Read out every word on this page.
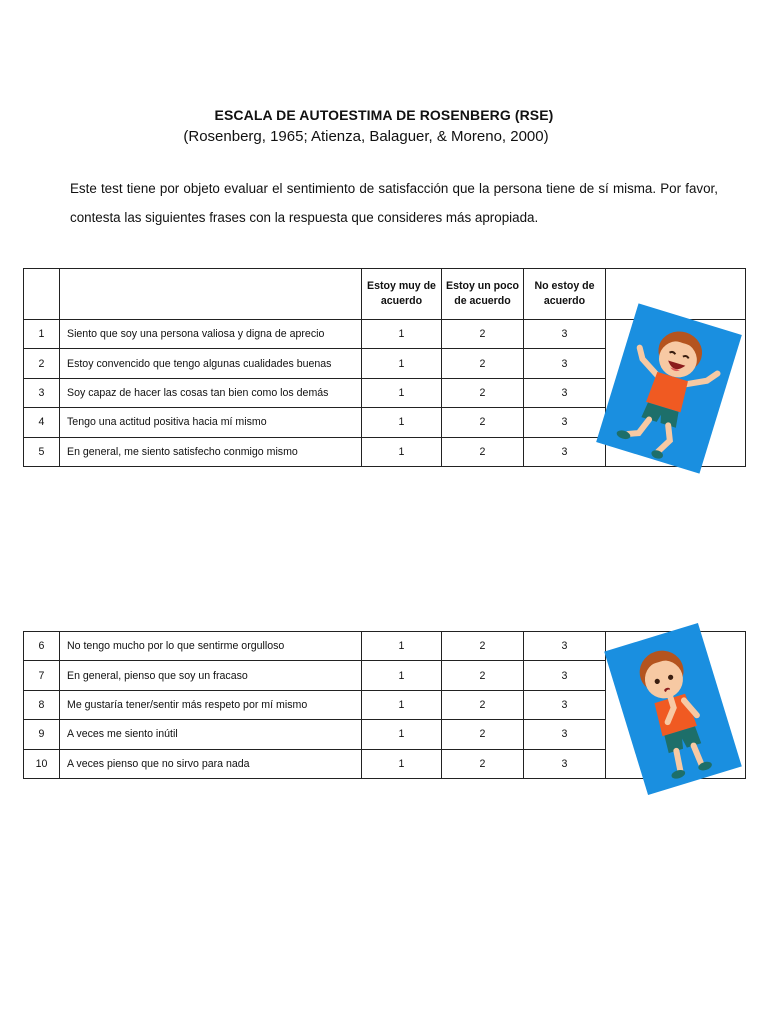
ESCALA DE AUTOESTIMA DE ROSENBERG (RSE)
(Rosenberg, 1965; Atienza, Balaguer, & Moreno, 2000)
Este test tiene por objeto evaluar el sentimiento de satisfacción que la persona tiene de sí misma. Por favor, contesta las siguientes frases con la respuesta que consideres más apropiada.
		Estoy muy de acuerdo	Estoy un poco de acuerdo	No estoy de acuerdo	
1	Siento que soy una persona valiosa y digna de aprecio	1	2	3	
2	Estoy convencido que tengo algunas cualidades buenas	1	2	3	
3	Soy capaz de hacer las cosas tan bien como los demás	1	2	3	
4	Tengo una actitud positiva hacia mí mismo	1	2	3	
5	En general, me siento satisfecho conmigo mismo	1	2	3	
6	No tengo mucho por lo que sentirme orgulloso	1	2	3	
7	En general, pienso que soy un fracaso	1	2	3	
8	Me gustaría tener/sentir más respeto por mí mismo	1	2	3	
9	A veces me siento inútil	1	2	3	
10	A veces pienso que no sirvo para nada	1	2	3	
